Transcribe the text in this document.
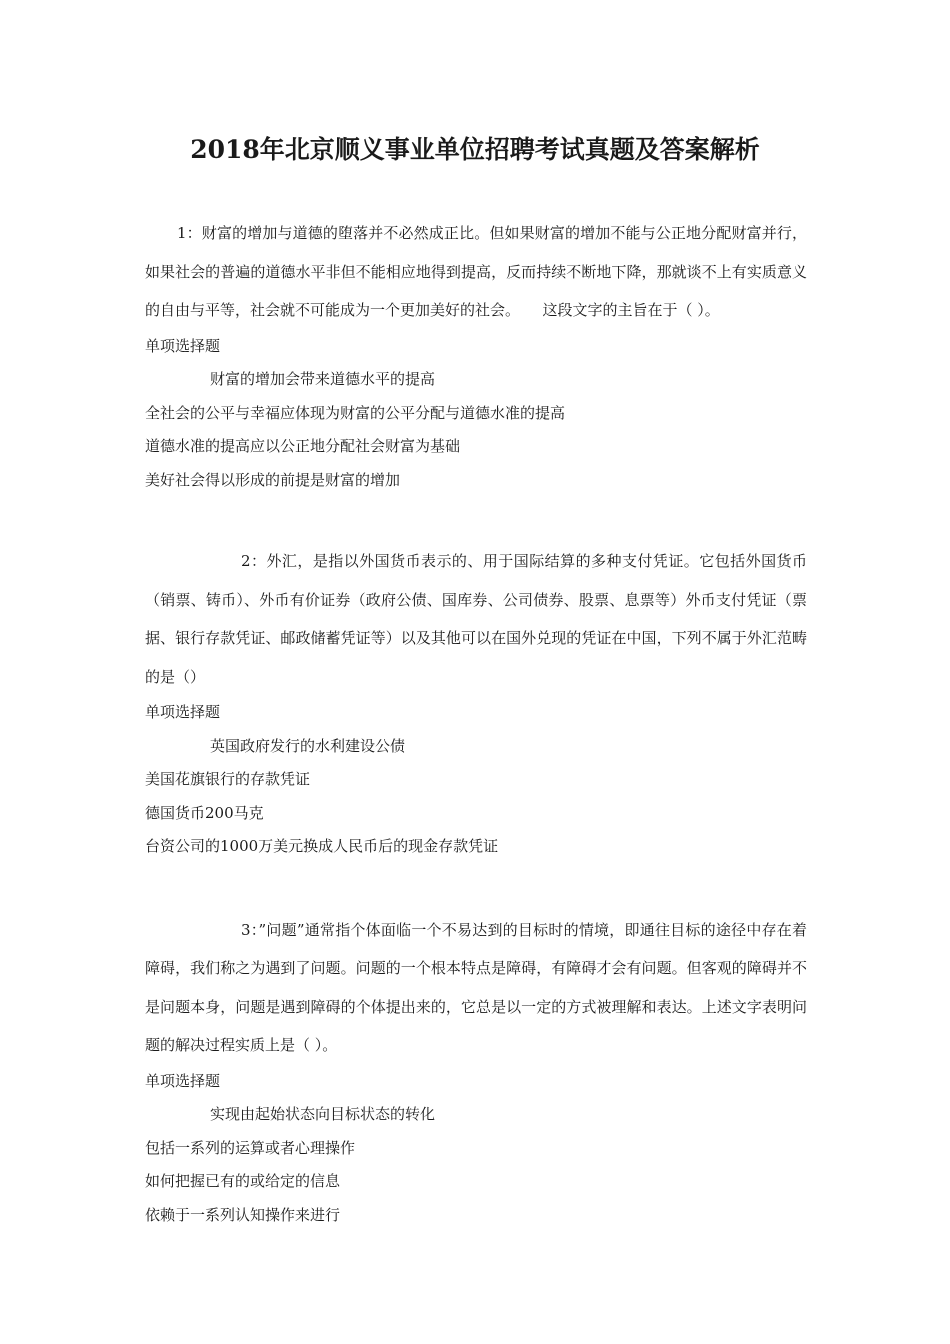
2018年北京顺义事业单位招聘考试真题及答案解析

1：财富的增加与道德的堕落并不必然成正比。但如果财富的增加不能与公正地分配财富并行，如果社会的普遍的道德水平非但不能相应地得到提高，反而持续不断地下降，那就谈不上有实质意义的自由与平等，社会就不可能成为一个更加美好的社会。　　这段文字的主旨在于（ ）。

单项选择题

财富的增加会带来道德水平的提高

全社会的公平与幸福应体现为财富的公平分配与道德水准的提高

道德水准的提高应以公正地分配社会财富为基础

美好社会得以形成的前提是财富的增加

2：外汇，是指以外国货币表示的、用于国际结算的多种支付凭证。它包括外国货币（销票、铸币）、外币有价证券（政府公债、国库券、公司债券、股票、息票等）外币支付凭证（票据、银行存款凭证、邮政储蓄凭证等）以及其他可以在国外兑现的凭证在中国，下列不属于外汇范畴的是（）

单项选择题

英国政府发行的水利建设公债

美国花旗银行的存款凭证

德国货币200马克

台资公司的1000万美元换成人民币后的现金存款凭证

3：”问题”通常指个体面临一个不易达到的目标时的情境，即通往目标的途径中存在着障碍，我们称之为遇到了问题。问题的一个根本特点是障碍，有障碍才会有问题。但客观的障碍并不是问题本身，问题是遇到障碍的个体提出来的，它总是以一定的方式被理解和表达。上述文字表明问题的解决过程实质上是（ ）。

单项选择题

实现由起始状态向目标状态的转化

包括一系列的运算或者心理操作

如何把握已有的或给定的信息

依赖于一系列认知操作来进行
